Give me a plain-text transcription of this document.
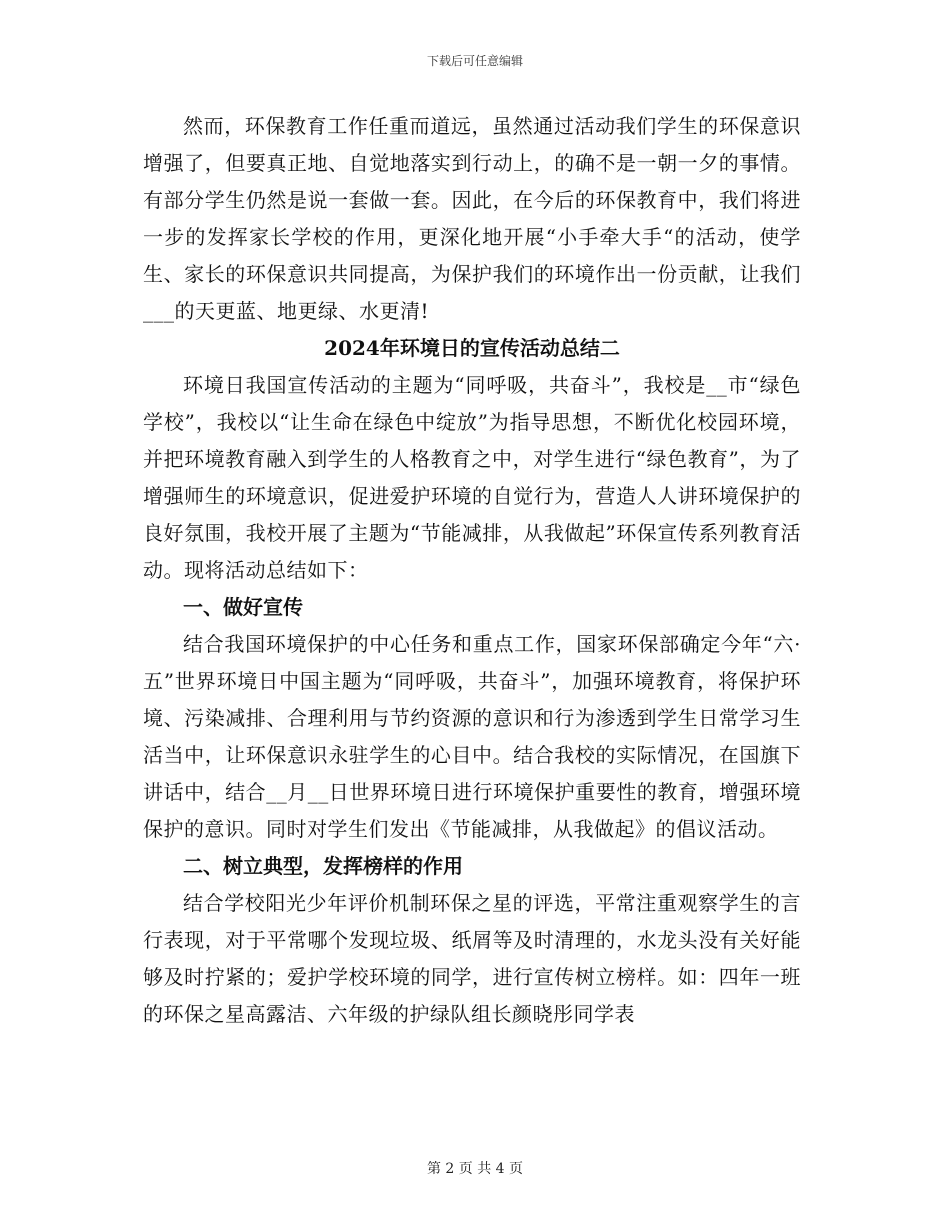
下载后可任意编辑

然而，环保教育工作任重而道远，虽然通过活动我们学生的环保意识增强了，但要真正地、自觉地落实到行动上，的确不是一朝一夕的事情。有部分学生仍然是说一套做一套。因此，在今后的环保教育中，我们将进一步的发挥家长学校的作用，更深化地开展“小手牵大手“的活动，使学生、家长的环保意识共同提高，为保护我们的环境作出一份贡献，让我们___的天更蓝、地更绿、水更清!

2024年环境日的宣传活动总结二

环境日我国宣传活动的主题为“同呼吸，共奋斗”，我校是__市“绿色学校”，我校以“让生命在绿色中绽放”为指导思想，不断优化校园环境，并把环境教育融入到学生的人格教育之中，对学生进行“绿色教育”，为了增强师生的环境意识，促进爱护环境的自觉行为，营造人人讲环境保护的良好氛围，我校开展了主题为“节能减排，从我做起”环保宣传系列教育活动。现将活动总结如下：

一、做好宣传

结合我国环境保护的中心任务和重点工作，国家环保部确定今年“六·五”世界环境日中国主题为“同呼吸，共奋斗”，加强环境教育，将保护环境、污染减排、合理利用与节约资源的意识和行为渗透到学生日常学习生活当中，让环保意识永驻学生的心目中。结合我校的实际情况，在国旗下讲话中，结合__月__日世界环境日进行环境保护重要性的教育，增强环境保护的意识。同时对学生们发出《节能减排，从我做起》的倡议活动。

二、树立典型，发挥榜样的作用

结合学校阳光少年评价机制环保之星的评选，平常注重观察学生的言行表现，对于平常哪个发现垃圾、纸屑等及时清理的，水龙头没有关好能够及时拧紧的；爱护学校环境的同学，进行宣传树立榜样。如：四年一班的环保之星高露洁、六年级的护绿队组长颜晓彤同学表

第 2 页 共 4 页
